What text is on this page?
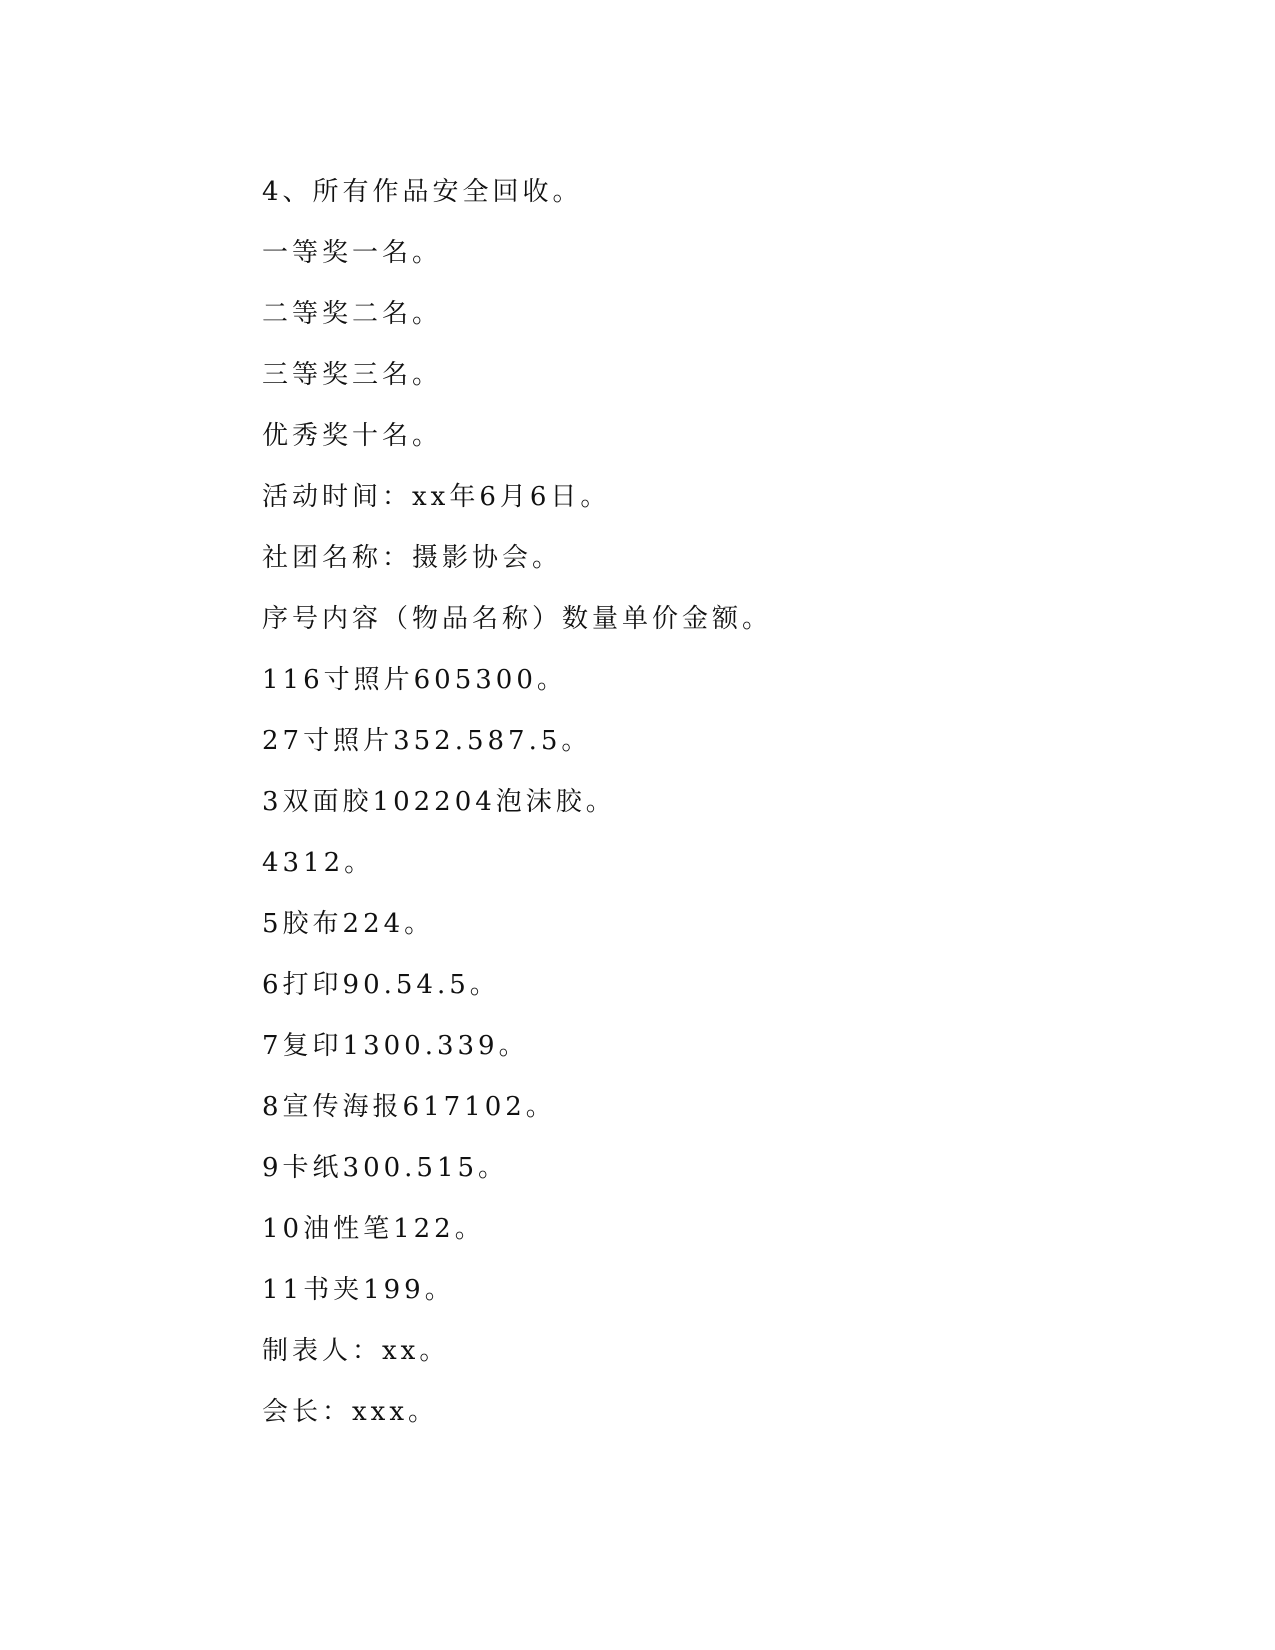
4、所有作品安全回收。
一等奖一名。
二等奖二名。
三等奖三名。
优秀奖十名。
活动时间：xx年6月6日。
社团名称：摄影协会。
序号内容（物品名称）数量单价金额。
116寸照片605300。
27寸照片352.587.5。
3双面胶102204泡沫胶。
4312。
5胶布224。
6打印90.54.5。
7复印1300.339。
8宣传海报617102。
9卡纸300.515。
10油性笔122。
11书夹199。
制表人：xx。
会长：xxx。
